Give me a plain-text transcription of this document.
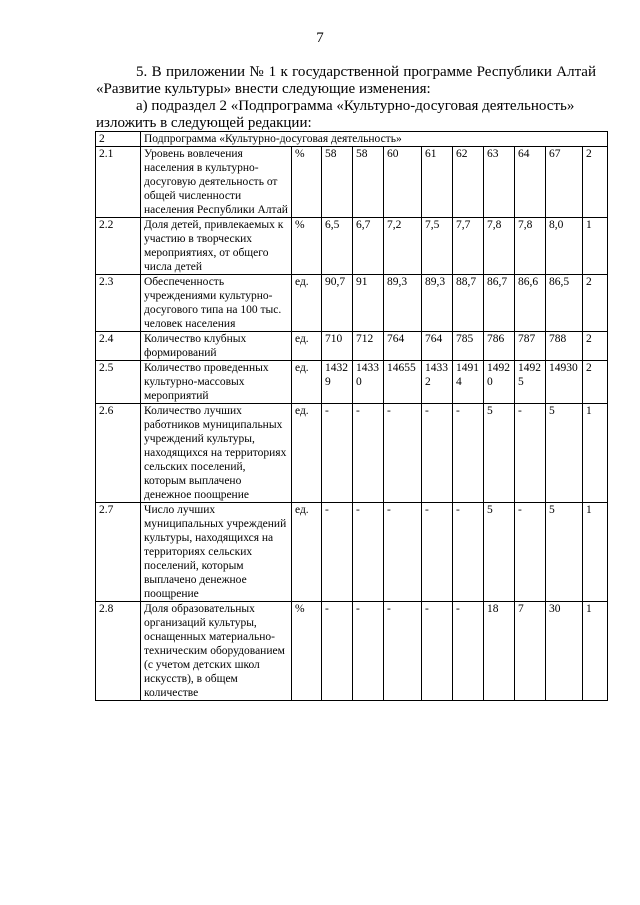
7
5. В приложении № 1 к государственной программе Республики Алтай «Развитие культуры» внести следующие изменения:
а) подраздел 2 «Подпрограмма «Культурно-досуговая деятельность» изложить в следующей редакции:
2	Подпрограмма «Культурно-досуговая деятельность»										
2.1	Уровень вовлечения населения в культурно-досуговую деятельность от общей численности населения Республики Алтай	%	58	58	60	61	62	63	64	67	2
2.2	Доля детей, привлекаемых к участию в творческих мероприятиях, от общего числа детей	%	6,5	6,7	7,2	7,5	7,7	7,8	7,8	8,0	1
2.3	Обеспеченность учреждениями культурно-досугового типа на 100 тыс. человек населения	ед.	90,7	91	89,3	89,3	88,7	86,7	86,6	86,5	2
2.4	Количество клубных формирований	ед.	710	712	764	764	785	786	787	788	2
2.5	Количество проведенных культурно-массовых мероприятий	ед.	14329	14330	14655	14332	14914	14920	14925	14930	2
2.6	Количество лучших работников муниципальных учреждений культуры, находящихся на территориях сельских поселений, которым выплачено денежное поощрение	ед.	-	-	-	-	-	5	-	5	1
2.7	Число лучших муниципальных учреждений культуры, находящихся на территориях сельских поселений, которым выплачено денежное поощрение	ед.	-	-	-	-	-	5	-	5	1
2.8	Доля образовательных организаций культуры, оснащенных материально-техническим оборудованием (с учетом детских школ искусств), в общем количестве	%	-	-	-	-	-	18	7	30	1
